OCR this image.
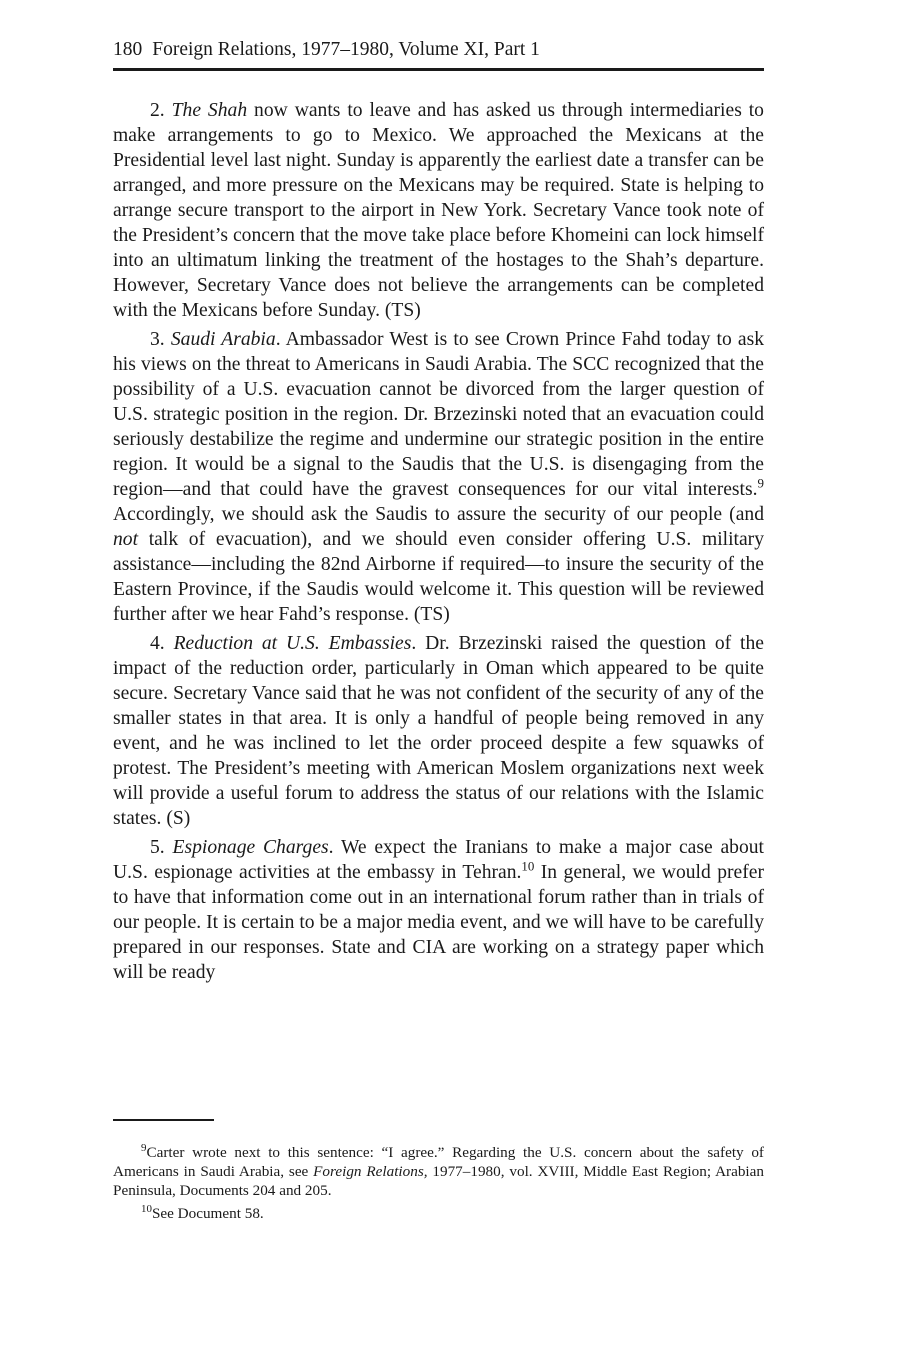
180 Foreign Relations, 1977–1980, Volume XI, Part 1

2. The Shah now wants to leave and has asked us through intermediaries to make arrangements to go to Mexico. We approached the Mexicans at the Presidential level last night. Sunday is apparently the earliest date a transfer can be arranged, and more pressure on the Mexicans may be required. State is helping to arrange secure transport to the airport in New York. Secretary Vance took note of the President’s concern that the move take place before Khomeini can lock himself into an ultimatum linking the treatment of the hostages to the Shah’s departure. However, Secretary Vance does not believe the arrangements can be completed with the Mexicans before Sunday. (TS)

3. Saudi Arabia. Ambassador West is to see Crown Prince Fahd today to ask his views on the threat to Americans in Saudi Arabia. The SCC recognized that the possibility of a U.S. evacuation cannot be divorced from the larger question of U.S. strategic position in the region. Dr. Brzezinski noted that an evacuation could seriously destabilize the regime and undermine our strategic position in the entire region. It would be a signal to the Saudis that the U.S. is disengaging from the region—and that could have the gravest consequences for our vital interests.$^9$ Accordingly, we should ask the Saudis to assure the security of our people (and not talk of evacuation), and we should even consider offering U.S. military assistance—including the 82nd Airborne if required—to insure the security of the Eastern Province, if the Saudis would welcome it. This question will be reviewed further after we hear Fahd’s response. (TS)

4. Reduction at U.S. Embassies. Dr. Brzezinski raised the question of the impact of the reduction order, particularly in Oman which appeared to be quite secure. Secretary Vance said that he was not confident of the security of any of the smaller states in that area. It is only a handful of people being removed in any event, and he was inclined to let the order proceed despite a few squawks of protest. The President’s meeting with American Moslem organizations next week will provide a useful forum to address the status of our relations with the Islamic states. (S)

5. Espionage Charges. We expect the Iranians to make a major case about U.S. espionage activities at the embassy in Tehran.$^{10}$ In general, we would prefer to have that information come out in an international forum rather than in trials of our people. It is certain to be a major media event, and we will have to be carefully prepared in our responses. State and CIA are working on a strategy paper which will be ready

$^9$Carter wrote next to this sentence: “I agree.” Regarding the U.S. concern about the safety of Americans in Saudi Arabia, see Foreign Relations, 1977–1980, vol. XVIII, Middle East Region; Arabian Peninsula, Documents 204 and 205.

$^{10}$See Document 58.
